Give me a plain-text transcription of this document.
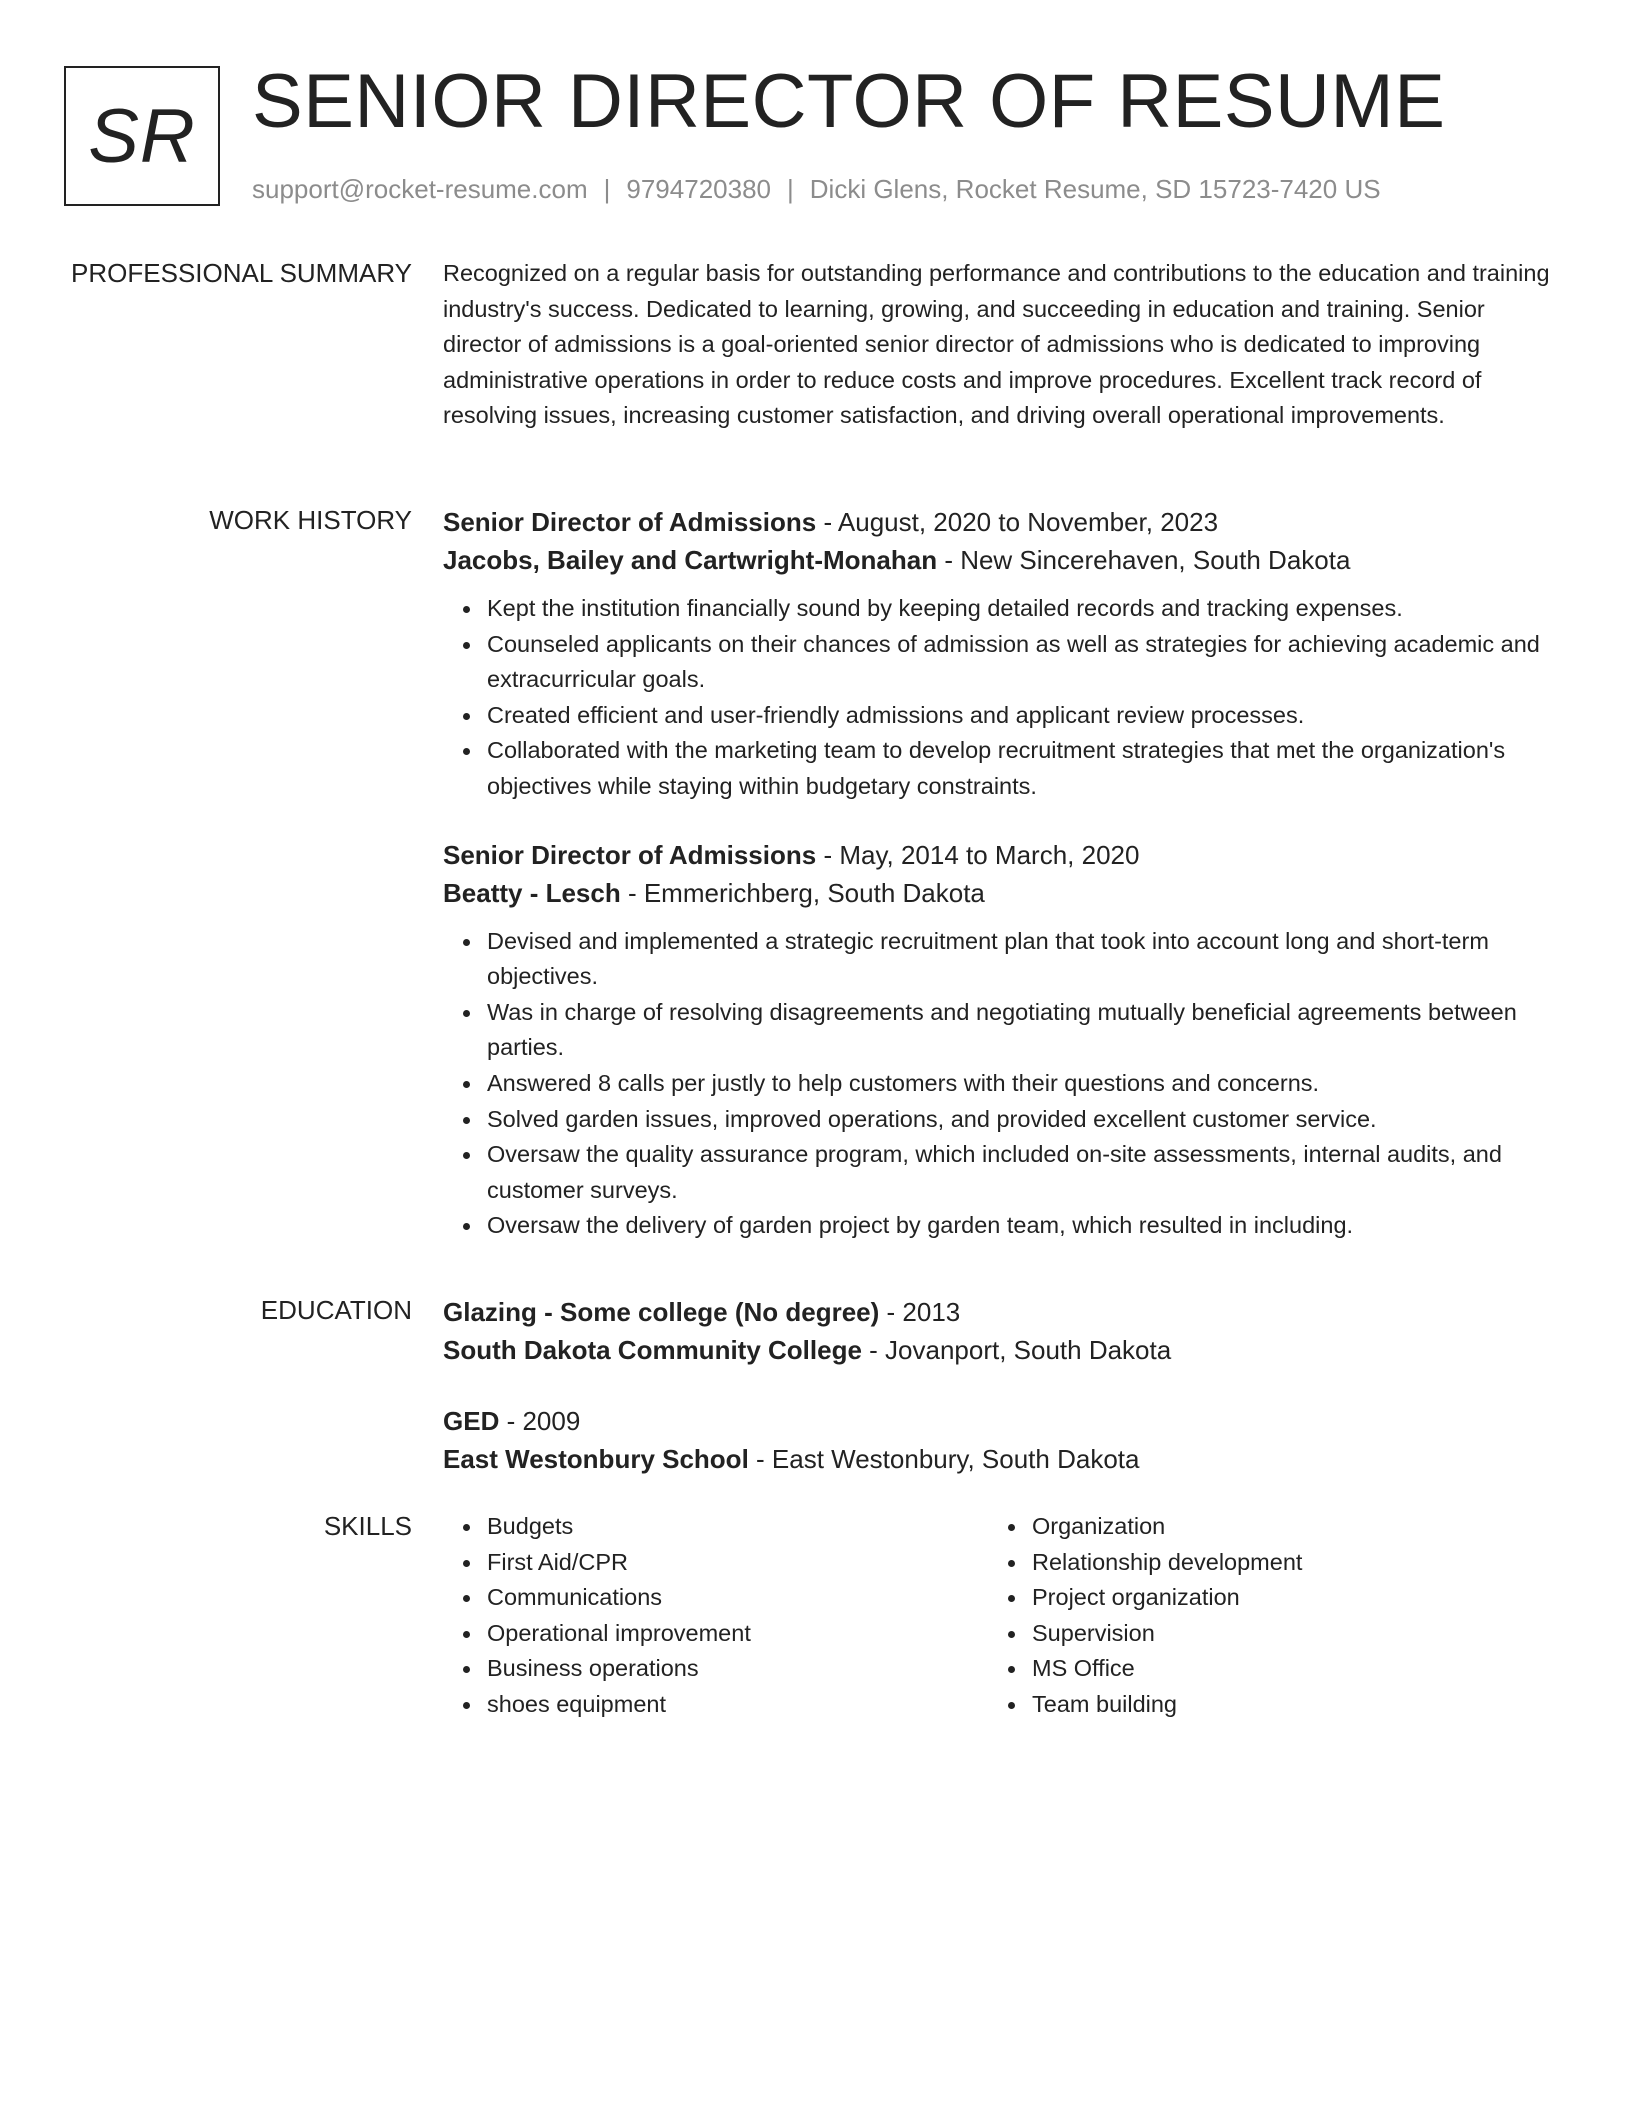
SR SENIOR DIRECTOR OF RESUME
support@rocket-resume.com | 9794720380 | Dicki Glens, Rocket Resume, SD 15723-7420 US
PROFESSIONAL SUMMARY Recognized on a regular basis for outstanding performance and contributions to the education and training industry's success. Dedicated to learning, growing, and succeeding in education and training. Senior director of admissions is a goal-oriented senior director of admissions who is dedicated to improving administrative operations in order to reduce costs and improve procedures. Excellent track record of resolving issues, increasing customer satisfaction, and driving overall operational improvements.

WORK HISTORY Senior Director of Admissions - August, 2020 to November, 2023

Jacobs, Bailey and Cartwright-Monahan - New Sincerehaven, South Dakota

Kept the institution financially sound by keeping detailed records and tracking expenses.
Counseled applicants on their chances of admission as well as strategies for achieving academic and extracurricular goals.
Created efficient and user-friendly admissions and applicant review processes.
Collaborated with the marketing team to develop recruitment strategies that met the organization's objectives while staying within budgetary constraints.

Senior Director of Admissions - May, 2014 to March, 2020

Beatty - Lesch - Emmerichberg, South Dakota

Devised and implemented a strategic recruitment plan that took into account long and short-term objectives.
Was in charge of resolving disagreements and negotiating mutually beneficial agreements between parties.
Answered 8 calls per justly to help customers with their questions and concerns.
Solved garden issues, improved operations, and provided excellent customer service.
Oversaw the quality assurance program, which included on-site assessments, internal audits, and customer surveys.
Oversaw the delivery of garden project by garden team, which resulted in including.
EDUCATION Glazing - Some college (No degree) - 2013

South Dakota Community College - Jovanport, South Dakota

GED - 2009

East Westonbury School - East Westonbury, South Dakota

SKILLS	Budgets
First Aid/CPR
Communications
Operational improvement
Business operations
shoes equipment
Organization
Relationship development
Project organization
Supervision
MS Office
Team building
